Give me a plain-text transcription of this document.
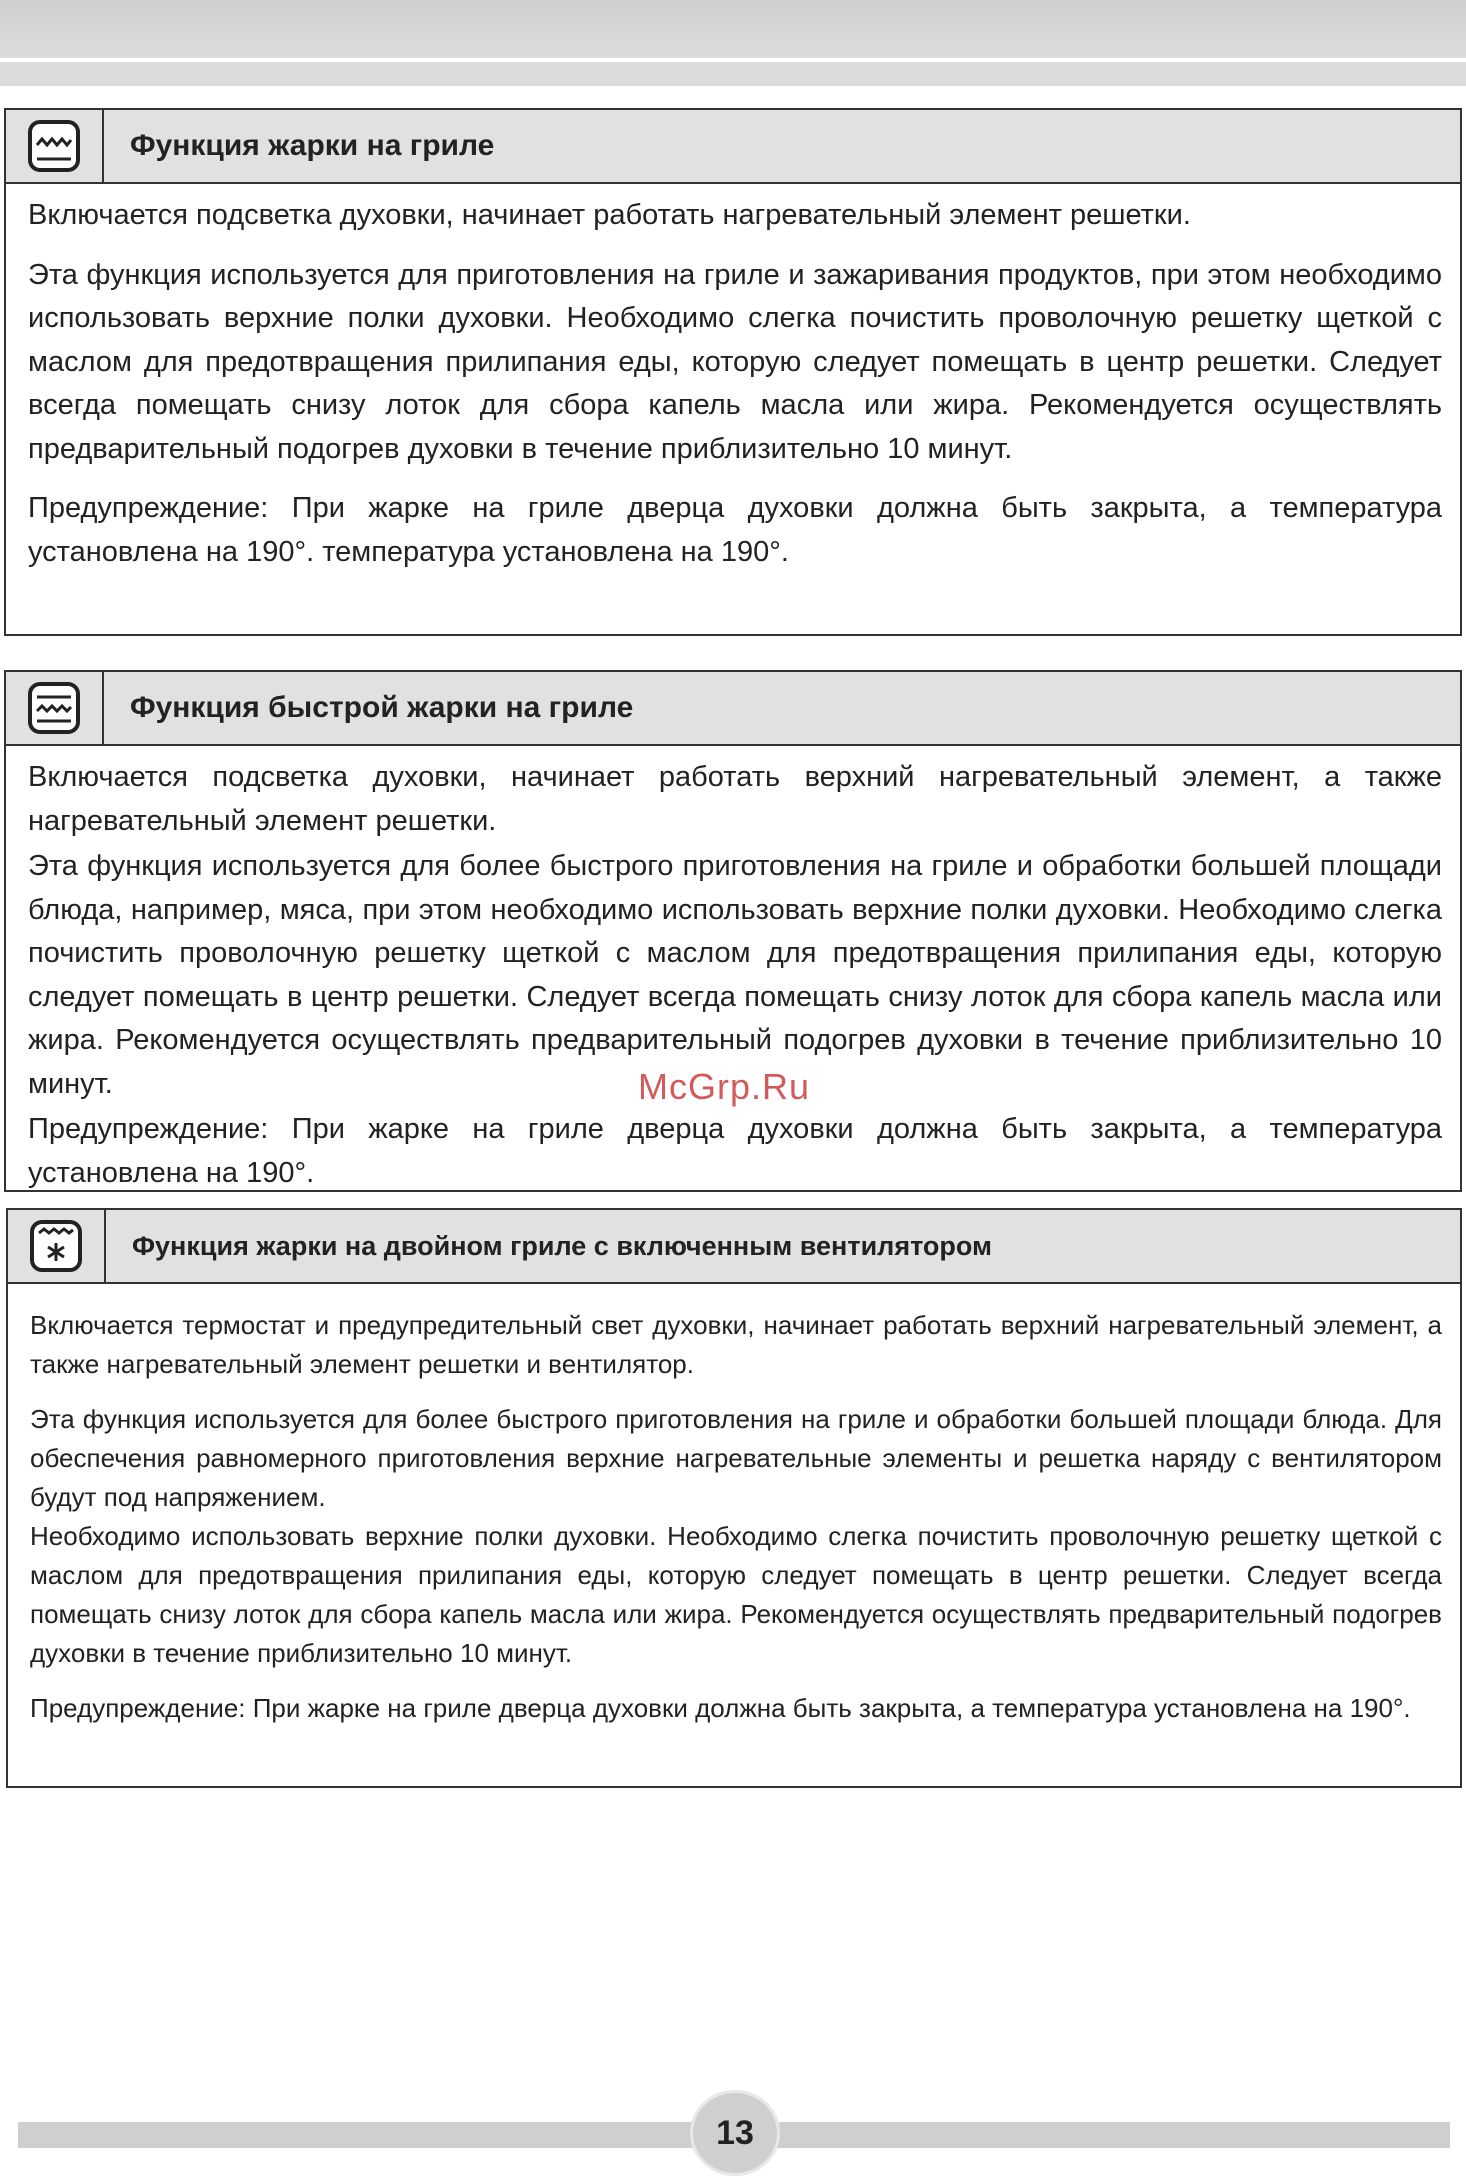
Функция жарки на гриле

Включается подсветка духовки, начинает работать нагревательный элемент решетки.

Эта функция используется для приготовления на гриле и зажаривания продуктов, при этом необходимо использовать верхние полки духовки. Необходимо слегка почистить проволочную решетку щеткой с маслом для предотвращения прилипания еды, которую следует помещать в центр решетки. Следует всегда помещать снизу лоток для сбора капель масла или жира. Рекомендуется осуществлять предварительный подогрев духовки в течение приблизительно 10 минут.

Предупреждение: При жарке на гриле дверца духовки должна быть закрыта, а температура установлена на 190°. температура установлена на 190°.

Функция быстрой жарки на гриле

Включается подсветка духовки, начинает работать верхний нагревательный элемент, а также нагревательный элемент решетки.

Эта функция используется для более быстрого приготовления на гриле и обработки большей площади блюда, например, мяса, при этом необходимо использовать верхние полки духовки. Необходимо слегка почистить проволочную решетку щеткой с маслом для предотвращения прилипания еды, которую следует помещать в центр решетки. Следует всегда помещать снизу лоток для сбора капель масла или жира. Рекомендуется осуществлять предварительный подогрев духовки в течение приблизительно 10 минут.

Предупреждение: При жарке на гриле дверца духовки должна быть закрыта, а температура установлена на 190°.

Функция жарки на двойном гриле с включенным вентилятором

Включается термостат и предупредительный свет духовки, начинает работать верхний нагревательный элемент, а также нагревательный элемент решетки и вентилятор.

Эта функция используется для более быстрого приготовления на гриле и обработки большей площади блюда. Для обеспечения равномерного приготовления верхние нагревательные элементы и решетка наряду с вентилятором будут под напряжением.

Необходимо использовать верхние полки духовки. Необходимо слегка почистить проволочную решетку щеткой с маслом для предотвращения прилипания еды, которую следует помещать в центр решетки. Следует всегда помещать снизу лоток для сбора капель масла или жира. Рекомендуется осуществлять предварительный подогрев духовки в течение приблизительно 10 минут.

Предупреждение: При жарке на гриле дверца духовки должна быть закрыта, а температура установлена на 190°.

McGrp.Ru
13
